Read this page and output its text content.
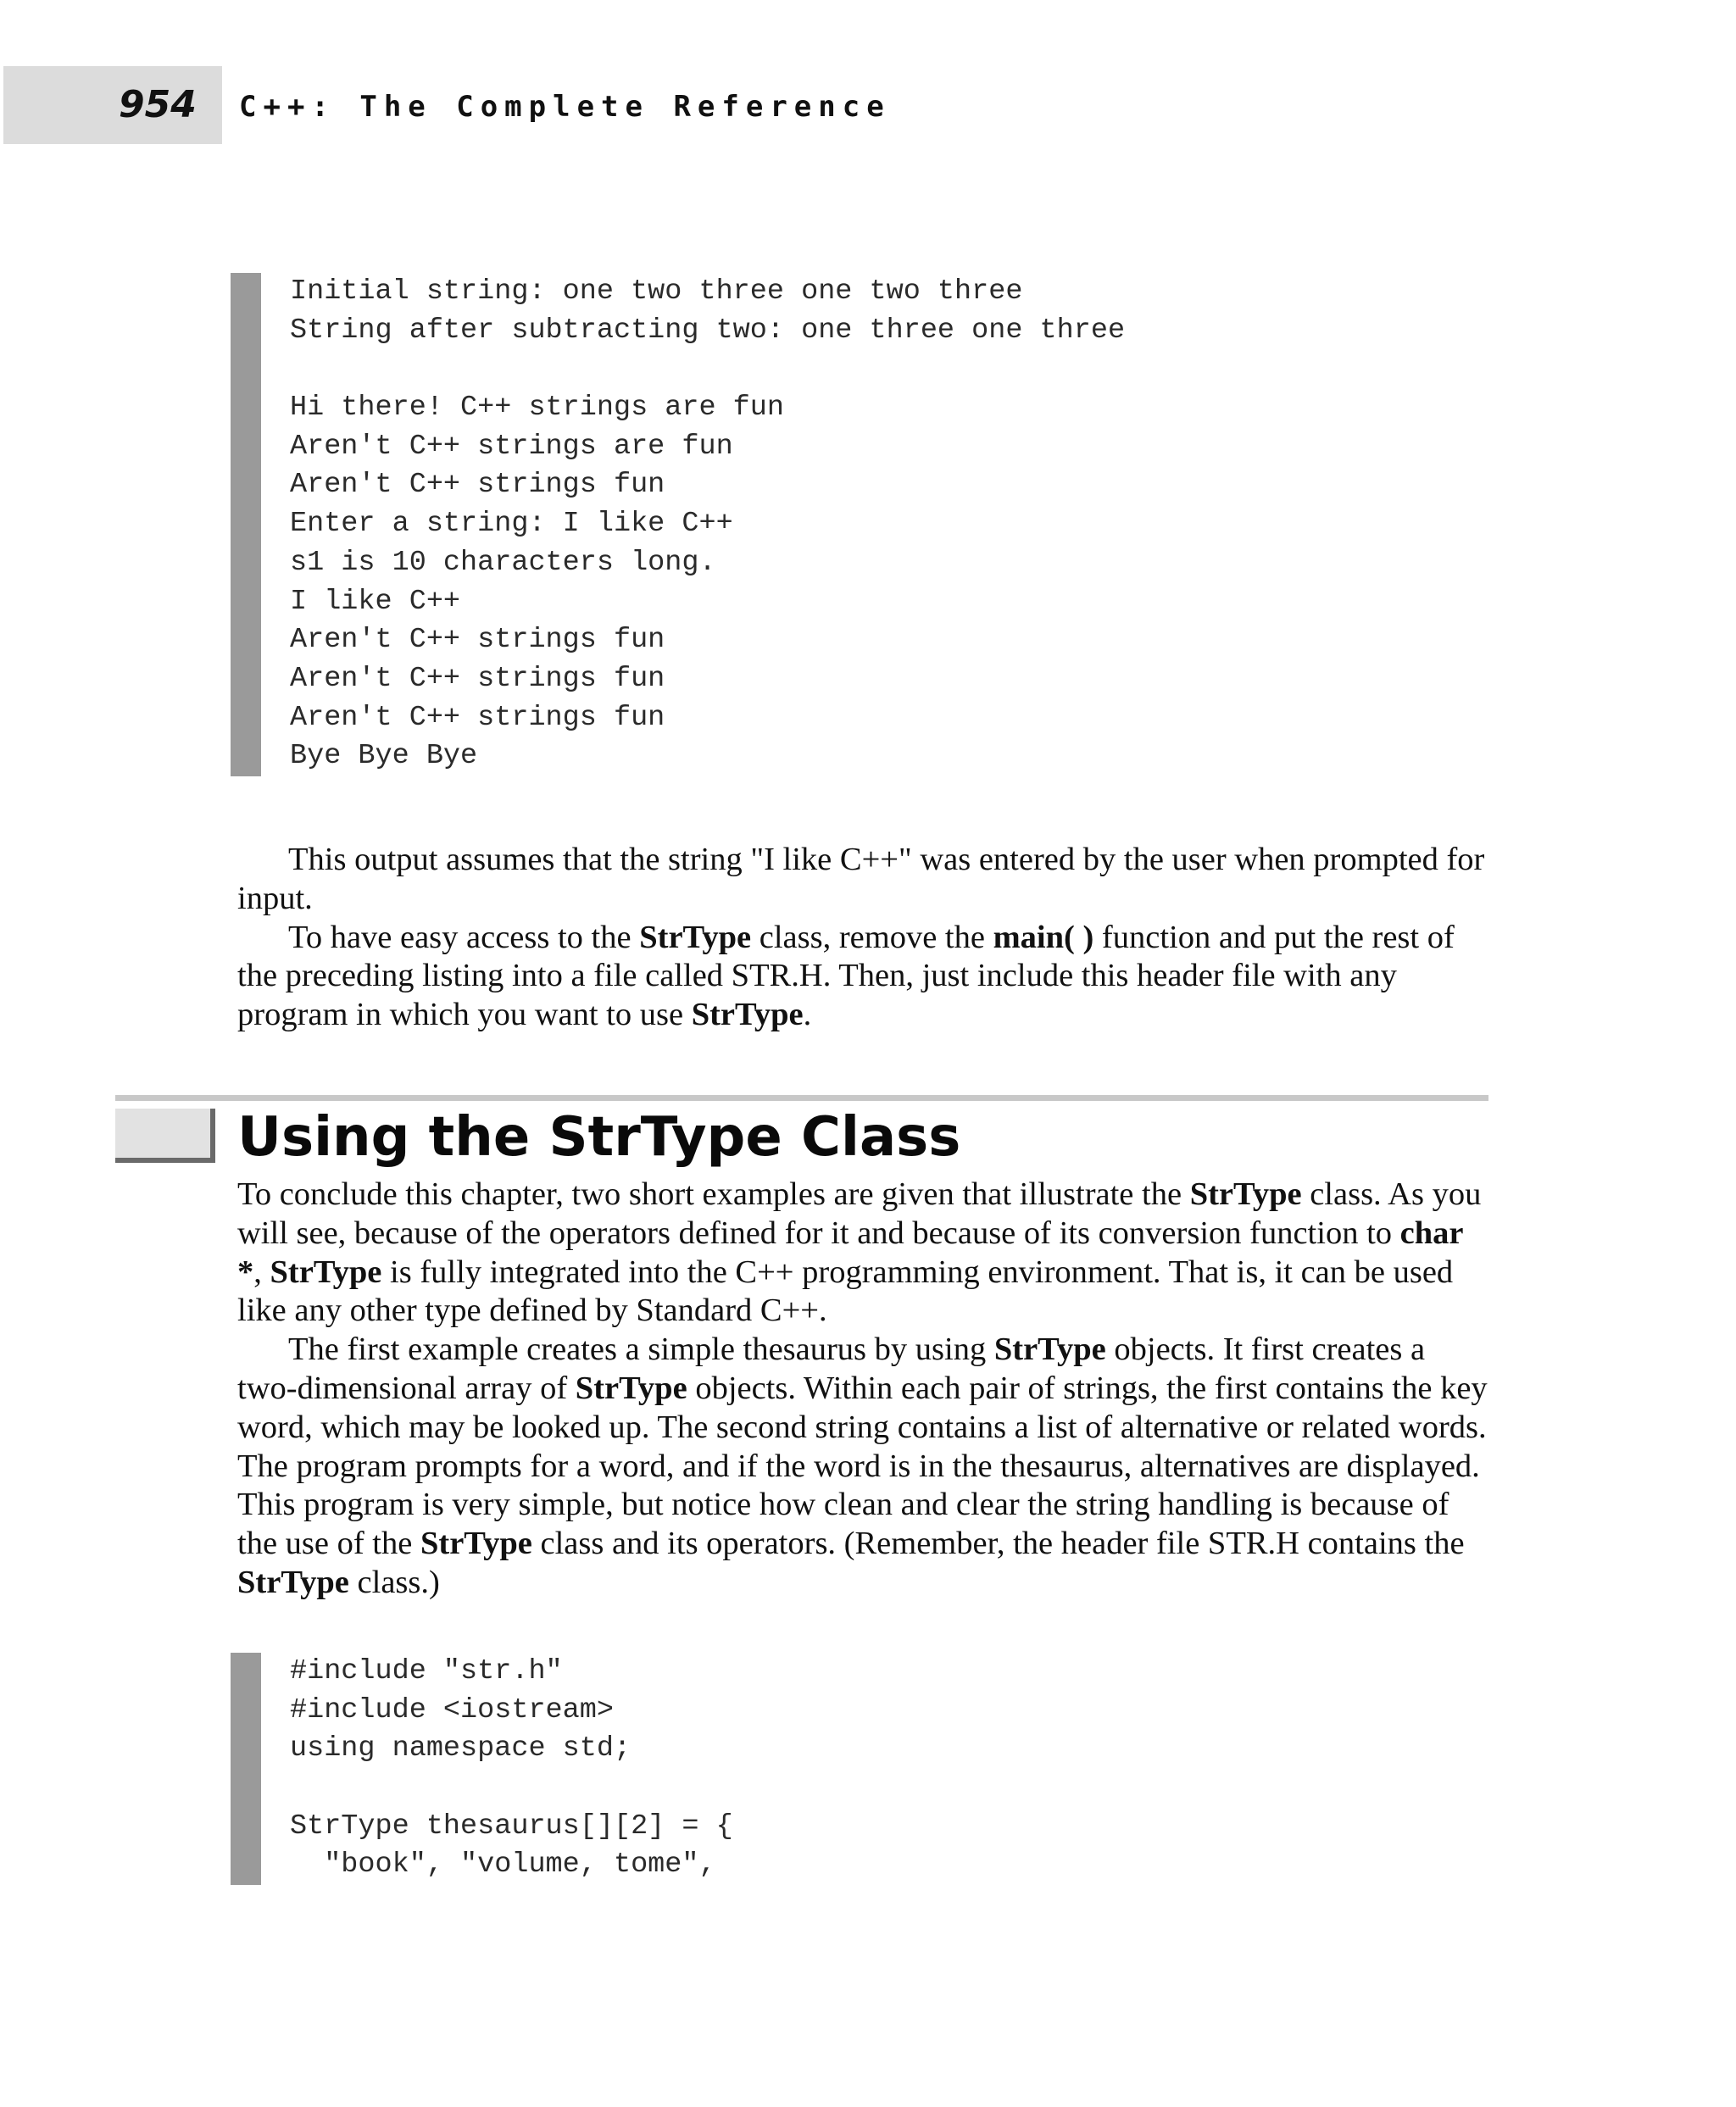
954 C++: The Complete Reference
Initial string: one two three one two three
String after subtracting two: one three one three
Hi there! C++ strings are fun
Aren't C++ strings are fun
Aren't C++ strings fun
Enter a string: I like C++
s1 is 10 characters long.
I like C++
Aren't C++ strings fun
Aren't C++ strings fun
Aren't C++ strings fun
Bye Bye Bye

This output assumes that the string "I like C++" was entered by the user when prompted for input.

To have easy access to the StrType class, remove the main( ) function and put the rest of the preceding listing into a file called STR.H. Then, just include this header file with any program in which you want to use StrType.

Using the StrType Class

To conclude this chapter, two short examples are given that illustrate the StrType class. As you will see, because of the operators defined for it and because of its conversion function to char *, StrType is fully integrated into the C++ programming environment. That is, it can be used like any other type defined by Standard C++.

The first example creates a simple thesaurus by using StrType objects. It first creates a two-dimensional array of StrType objects. Within each pair of strings, the first contains the key word, which may be looked up. The second string contains a list of alternative or related words. The program prompts for a word, and if the word is in the thesaurus, alternatives are displayed. This program is very simple, but notice how clean and clear the string handling is because of the use of the StrType class and its operators. (Remember, the header file STR.H contains the StrType class.)

#include "str.h"
#include <iostream>
using namespace std;
StrType thesaurus[][2] = {
"book", "volume, tome",
